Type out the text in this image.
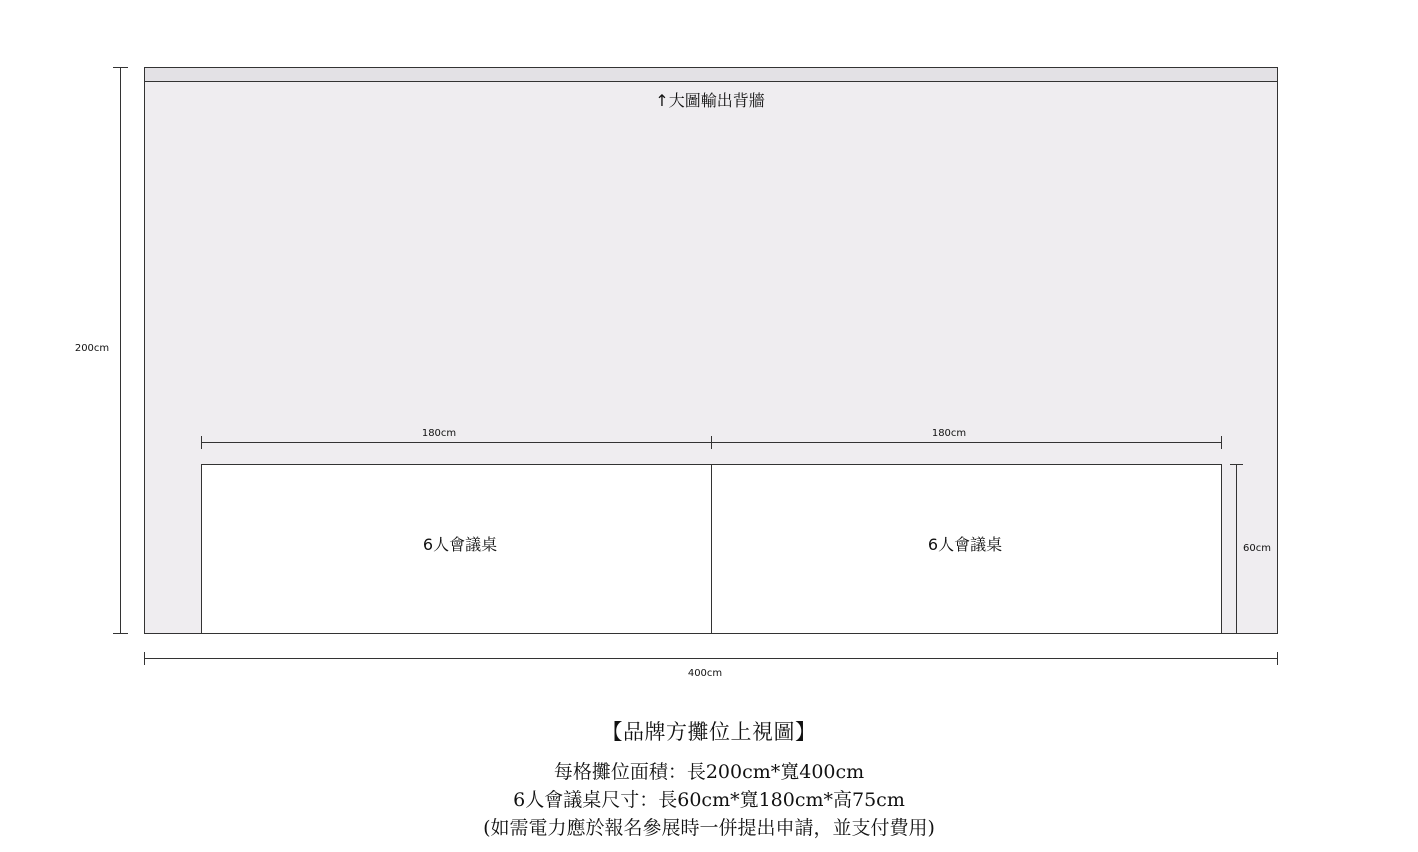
↑大圖輸出背牆
200cm
400cm
180cm	180cm
6人會議桌	6人會議桌	60cm
【品牌方攤位上視圖】
每格攤位面積：長200cm*寬400cm
6人會議桌尺寸：長60cm*寬180cm*高75cm
(如需電力應於報名參展時一併提出申請，並支付費用)
